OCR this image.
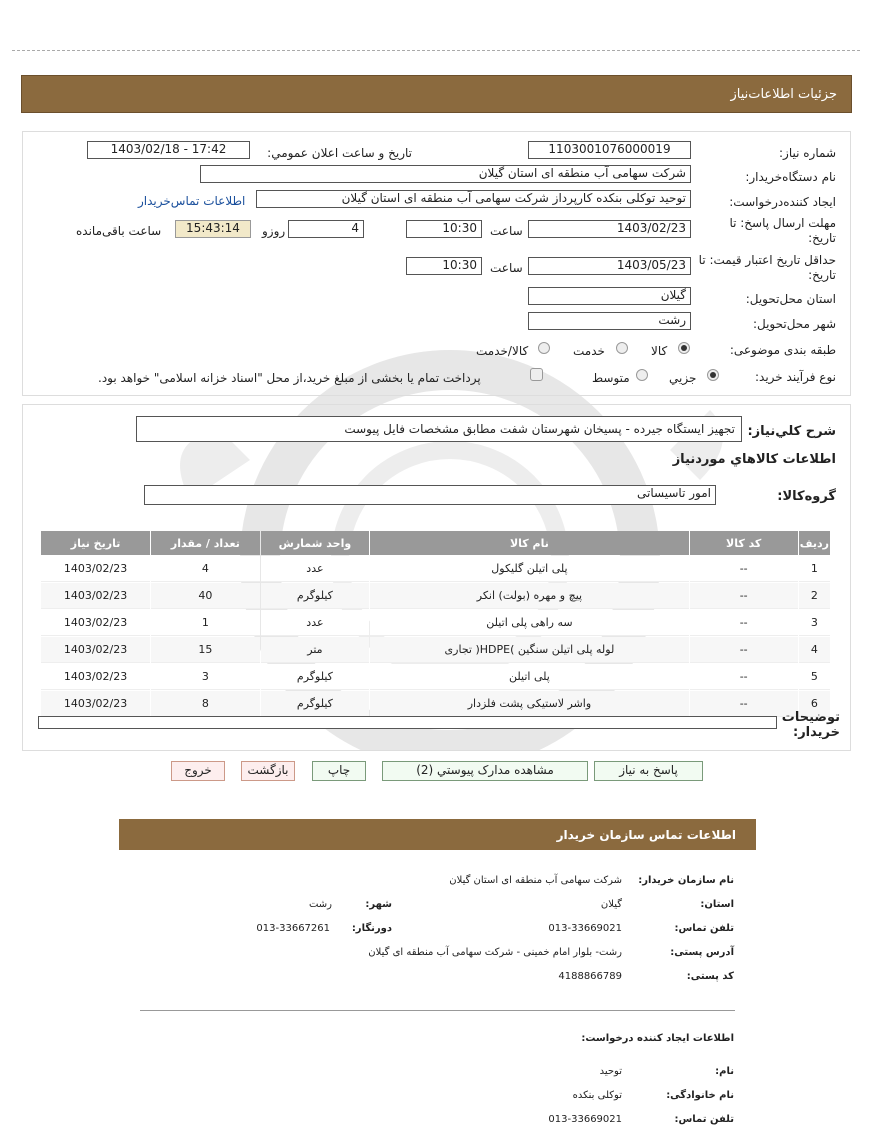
جزئیات اطلاعات‌نیاز
شماره نیاز:
1103001076000019
تاریخ و ساعت اعلان عمومي:
1403/02/18 - 17:42
نام دستگاه‌خریدار:
شرکت سهامی آب منطقه ای استان گیلان
ایجاد کننده‌درخواست:
توحید توکلی بنکده کارپرداز شرکت سهامی آب منطقه ای استان گیلان
اطلاعات تماس‌خریدار
مهلت ارسال پاسخ: تا تاریخ:
1403/02/23
ساعت
10:30
4
روزو
15:43:14
ساعت باقی‌مانده
حداقل تاریخ اعتبار قیمت: تا تاریخ:
1403/05/23
ساعت
10:30
استان محل‌تحویل:
گیلان
شهر محل‌تحویل:
رشت
طبقه بندی موضوعی:
کالا
خدمت
کالا/خدمت
نوع فرآیند خرید:
جزیي
متوسط
پرداخت تمام یا بخشی از مبلغ خرید،از محل "اسناد خزانه اسلامی" خواهد بود.
شرح کلي‌نیاز:
تجهیز ایستگاه جیرده - پسیخان شهرستان شفت مطابق مشخصات فایل پیوست
اطلاعات کالاهاي موردنیاز
گروه‌کالا:
امور تاسیساتی
ردیف	کد کالا	نام کالا	واحد شمارش	تعداد / مقدار	تاریخ نیاز
1	--	پلی اتیلن گلیکول	عدد	4	1403/02/23
2	--	پیچ و مهره (بولت) انکر	کیلوگرم	40	1403/02/23
3	--	سه راهی پلی اتیلن	عدد	1	1403/02/23
4	--	لوله پلی اتیلن سنگین )HDPE( تجاری	متر	15	1403/02/23
5	--	پلی اتیلن	کیلوگرم	3	1403/02/23
6	--	واشر لاستیکی پشت فلزدار	کیلوگرم	8	1403/02/23
توضیحات خریدار:
پاسخ به نیاز
مشاهده مدارک پیوستي (2)
چاپ
بازگشت
خروج
اطلاعات تماس سازمان خریدار
نام سازمان خریدار:
شرکت سهامی آب منطقه ای استان گیلان
استان:
گیلان
شهر:
رشت
تلفن تماس:
013-33669021
دورنگار:
013-33667261
آدرس پستی:
رشت- بلوار امام خمینی - شرکت سهامی آب منطقه ای گیلان
کد پستی:
4188866789
اطلاعات ایجاد کننده درخواست:
نام:
توحید
نام خانوادگی:
توکلی بنکده
تلفن تماس:
013-33669021
